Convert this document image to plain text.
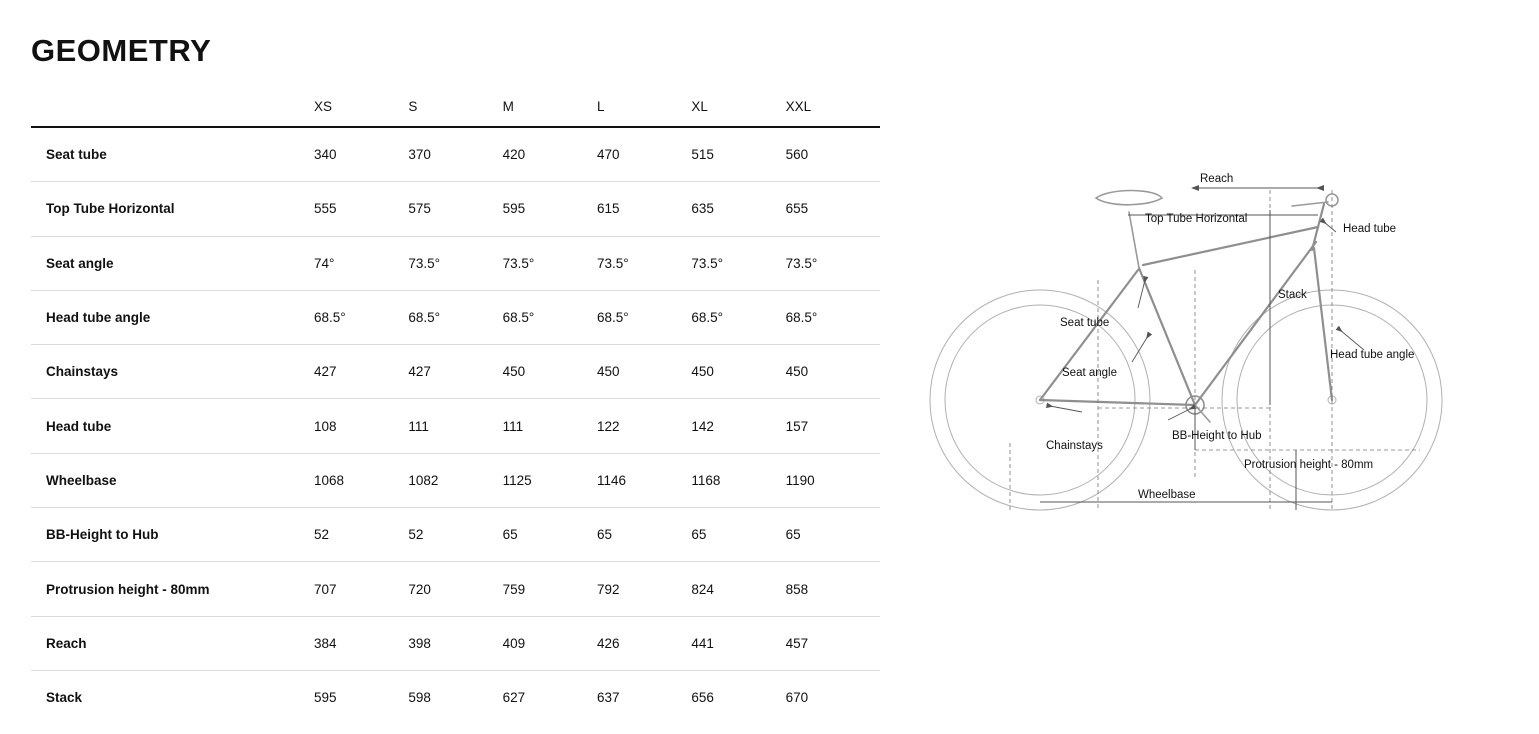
GEOMETRY
	XS	S	M	L	XL	XXL
Seat tube	340	370	420	470	515	560
Top Tube Horizontal	555	575	595	615	635	655
Seat angle	74°	73.5°	73.5°	73.5°	73.5°	73.5°
Head tube angle	68.5°	68.5°	68.5°	68.5°	68.5°	68.5°
Chainstays	427	427	450	450	450	450
Head tube	108	111	111	122	142	157
Wheelbase	1068	1082	1125	1146	1168	1190
BB-Height to Hub	52	52	65	65	65	65
Protrusion height - 80mm	707	720	759	792	824	858
Reach	384	398	409	426	441	457
Stack	595	598	627	637	656	670
Reach
Top Tube Horizontal
Head tube
Stack
Seat tube
Seat angle
Head tube angle
Chainstays
BB-Height to Hub
Protrusion height - 80mm
Wheelbase
